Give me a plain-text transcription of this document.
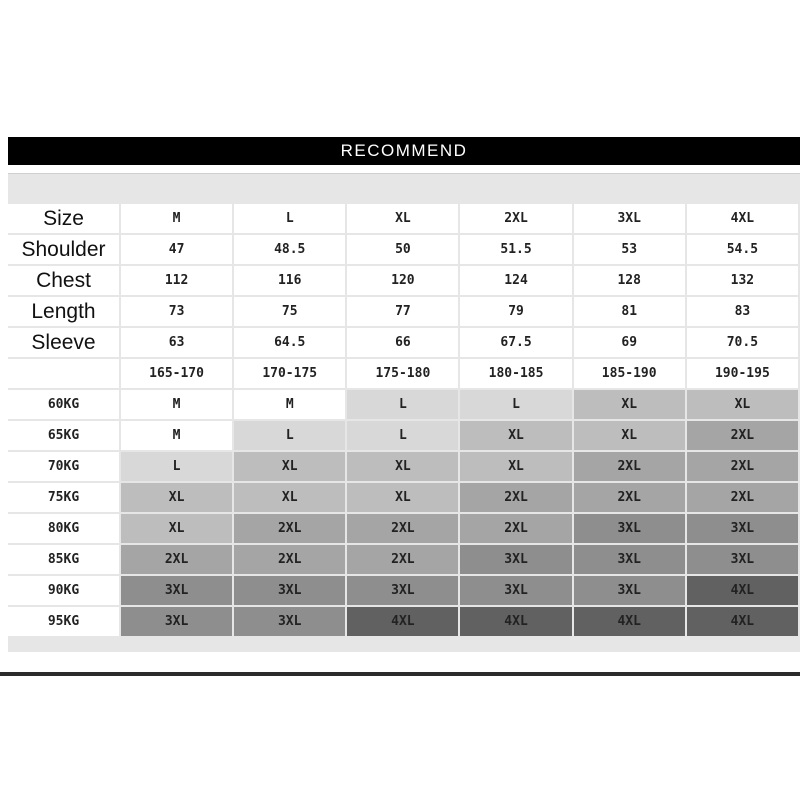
RECOMMEND
Size	M	L	XL	2XL	3XL	4XL
Shoulder	47	48.5	50	51.5	53	54.5
Chest	112	116	120	124	128	132
Length	73	75	77	79	81	83
Sleeve	63	64.5	66	67.5	69	70.5
	165-170	170-175	175-180	180-185	185-190	190-195
60KG	M	M	L	L	XL	XL
65KG	M	L	L	XL	XL	2XL
70KG	L	XL	XL	XL	2XL	2XL
75KG	XL	XL	XL	2XL	2XL	2XL
80KG	XL	2XL	2XL	2XL	3XL	3XL
85KG	2XL	2XL	2XL	3XL	3XL	3XL
90KG	3XL	3XL	3XL	3XL	3XL	4XL
95KG	3XL	3XL	4XL	4XL	4XL	4XL
